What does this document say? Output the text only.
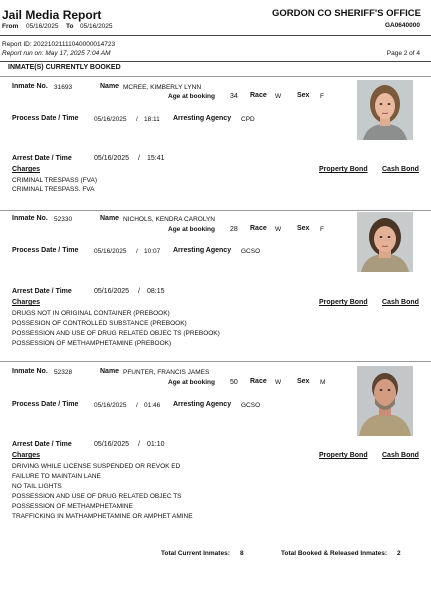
Jail Media Report
From 05/16/2025 To 05/16/2025
GORDON CO SHERIFF'S OFFICE
GA0640000
Report ID: 20221021111040000014723
Report run on: May 17, 2025 7:04 AM	Page 2 of 4
INMATE(S) CURRENTLY BOOKED
Inmate No. 31693	Name MCREE, KIMBERLY LYNN
Age at booking 34 Race W Sex F
Process Date / Time 05/16/2025 / 18:11 Arresting Agency CPD
Arrest Date / Time	05/16/2025 / 15:41
Charges	Property Bond Cash Bond
CRIMINAL TRESPASS (FVA)
CRIMINAL TRESPASS. FVA
Inmate No. 52330	Name NICHOLS, KENDRA CAROLYN
Age at booking 28 Race W Sex F
Process Date / Time 05/16/2025 / 10:07 Arresting Agency GCSO
Arrest Date / Time	05/16/2025 / 08:15
Charges	Property Bond Cash Bond
DRUGS NOT IN ORIGINAL CONTAINER (PREBOOK)
POSSESION OF CONTROLLED SUBSTANCE (PREBOOK)
POSSESSION AND USE OF DRUG RELATED OBJEC TS (PREBOOK)
POSSESSION OF METHAMPHETAMINE (PREBOOK)
Inmate No. 52328	Name PFUNTER, FRANCIS JAMES
Age at booking 50 Race W Sex M
Process Date / Time 05/16/2025 / 01:46 Arresting Agency GCSO
Arrest Date / Time	05/16/2025 / 01:10
Charges	Property Bond Cash Bond
DRIVING WHILE LICENSE SUSPENDED OR REVOK ED
FAILURE TO MAINTAIN LANE
NO TAIL LIGHTS
POSSESSION AND USE OF DRUG RELATED OBJEC TS
POSSESSION OF METHAMPHETAMINE
TRAFFICKING IN MATHAMPHETAMINE OR AMPHET AMINE
Total Current Inmates: 8	Total Booked & Released Inmates: 2
